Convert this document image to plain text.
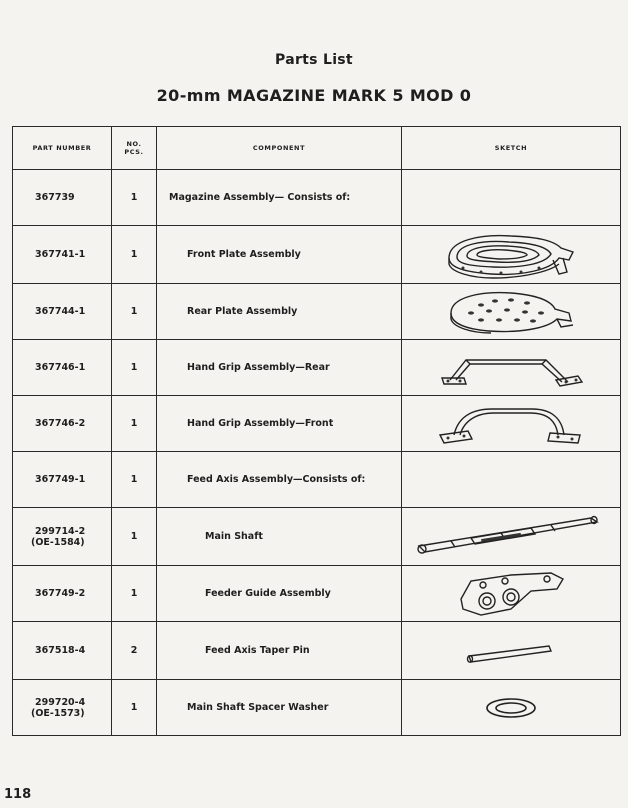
Parts List
20-mm MAGAZINE MARK 5 MOD 0
PART NUMBER	NO. PCS.	COMPONENT	SKETCH
367739	1	Magazine Assembly— Consists of:	

367741-1	1	Front Plate Assembly

367744-1	1	Rear Plate Assembly

367746-1	1	Hand Grip Assembly—Rear

367746-2	1	Hand Grip Assembly—Front

367749-1	1	Feed Axis Assembly—Consists of:	

299714-2
(OE-1584)	1	Main Shaft

367749-2	1	Feeder Guide Assembly

367518-4	2	Feed Axis Taper Pin

299720-4
(OE-1573)	1	Main Shaft Spacer Washer

118
